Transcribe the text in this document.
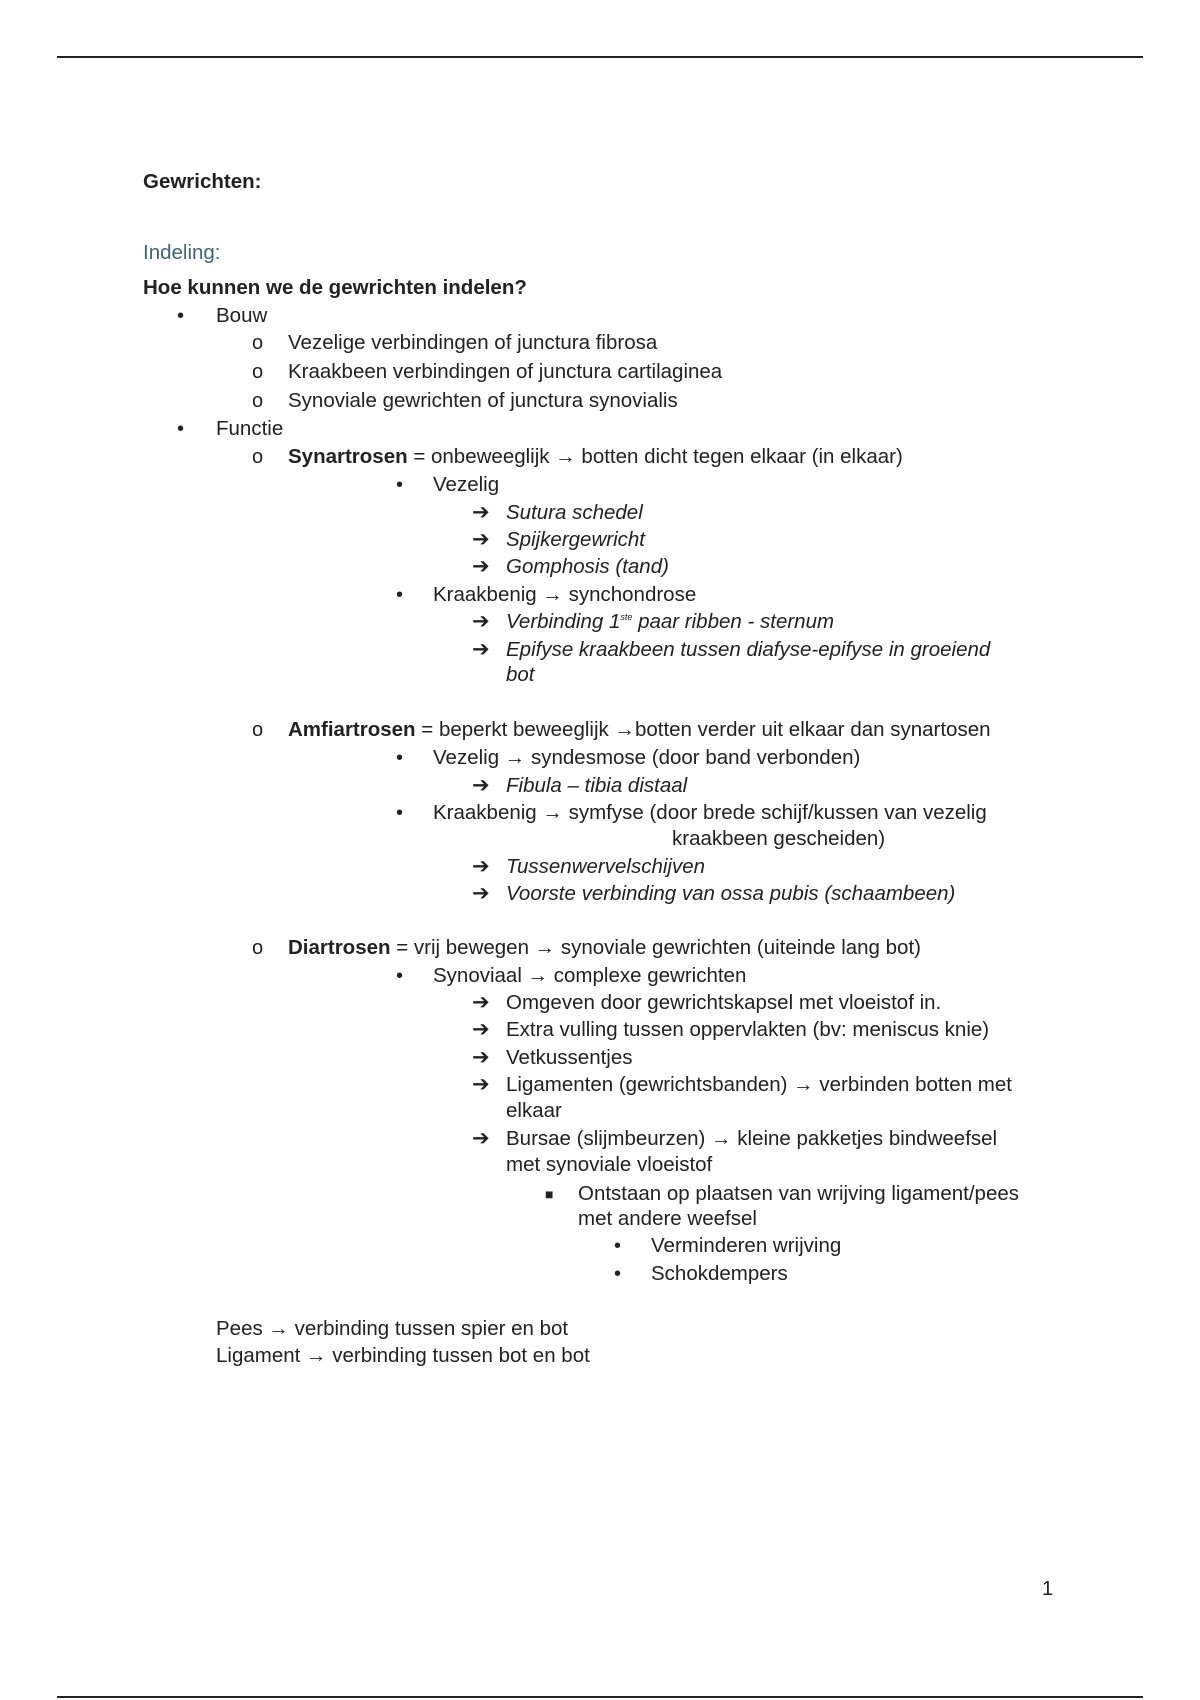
Gewrichten:
Indeling:
Hoe kunnen we de gewrichten indelen?
•
Bouw
o Vezelige verbindingen of junctura fibrosa
o Kraakbeen verbindingen of junctura cartilaginea
o Synoviale gewrichten of junctura synovialis
•
Functie
o Synartrosen = onbeweeglijk → botten dicht tegen elkaar (in elkaar)
•
Vezelig
➔ Sutura schedel
➔ Spijkergewricht
➔ Gomphosis (tand)
•
Kraakbenig → synchondrose
➔ Verbinding 1ste paar ribben - sternum
➔ Epifyse kraakbeen tussen diafyse-epifyse in groeiend
bot
o Amfiartrosen = beperkt beweeglijk →botten verder uit elkaar dan synartosen
•
Vezelig → syndesmose (door band verbonden)
➔ Fibula – tibia distaal
•
Kraakbenig → symfyse (door brede schijf/kussen van vezelig
kraakbeen gescheiden)
➔ Tussenwervelschijven
➔ Voorste verbinding van ossa pubis (schaambeen)
o Diartrosen = vrij bewegen → synoviale gewrichten (uiteinde lang bot)
•
Synoviaal → complexe gewrichten
➔ Omgeven door gewrichtskapsel met vloeistof in.
➔ Extra vulling tussen oppervlakten (bv: meniscus knie)
➔ Vetkussentjes
➔ Ligamenten (gewrichtsbanden) → verbinden botten met
elkaar
➔ Bursae (slijmbeurzen) → kleine pakketjes bindweefsel
met synoviale vloeistof
■ Ontstaan op plaatsen van wrijving ligament/pees
met andere weefsel
•
Verminderen wrijving
•
Schokdempers
Pees → verbinding tussen spier en bot
Ligament → verbinding tussen bot en bot
1
